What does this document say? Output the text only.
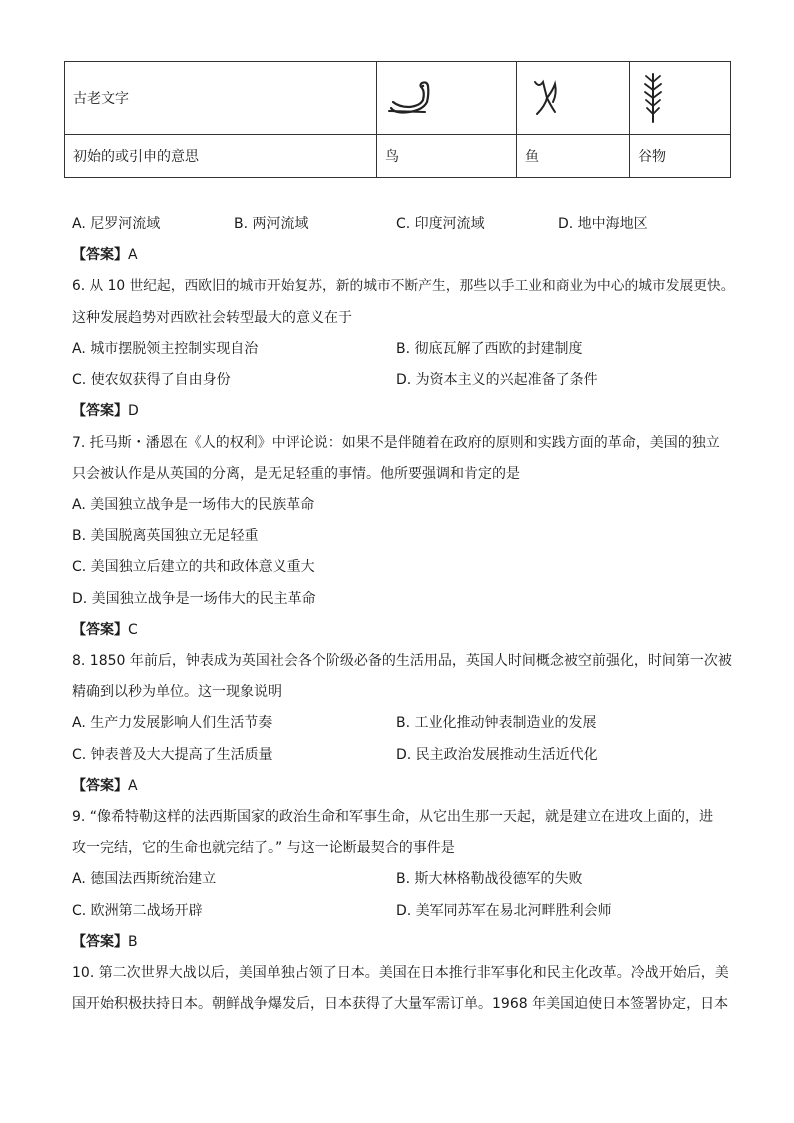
古老文字	

初始的或引申的意思	鸟	鱼	谷物
A. 尼罗河流域	B. 两河流域	C. 印度河流域	D. 地中海地区
【答案】A
6. 从 10 世纪起，西欧旧的城市开始复苏，新的城市不断产生，那些以手工业和商业为中心的城市发展更快。
这种发展趋势对西欧社会转型最大的意义在于
A. 城市摆脱领主控制实现自治	B. 彻底瓦解了西欧的封建制度
C. 使农奴获得了自由身份	D. 为资本主义的兴起准备了条件
【答案】D
7. 托马斯・潘恩在《人的权利》中评论说：如果不是伴随着在政府的原则和实践方面的革命，美国的独立
只会被认作是从英国的分离，是无足轻重的事情。他所要强调和肯定的是
A. 美国独立战争是一场伟大的民族革命
B. 美国脱离英国独立无足轻重
C. 美国独立后建立的共和政体意义重大
D. 美国独立战争是一场伟大的民主革命
【答案】C
8. 1850 年前后，钟表成为英国社会各个阶级必备的生活用品，英国人时间概念被空前强化，时间第一次被
精确到以秒为单位。这一现象说明
A. 生产力发展影响人们生活节奏	B. 工业化推动钟表制造业的发展
C. 钟表普及大大提高了生活质量	D. 民主政治发展推动生活近代化
【答案】A
9. “像希特勒这样的法西斯国家的政治生命和军事生命，从它出生那一天起，就是建立在进攻上面的，进
攻一完结，它的生命也就完结了。” 与这一论断最契合的事件是
A. 德国法西斯统治建立	B. 斯大林格勒战役德军的失败
C. 欧洲第二战场开辟	D. 美军同苏军在易北河畔胜利会师
【答案】B
10. 第二次世界大战以后，美国单独占领了日本。美国在日本推行非军事化和民主化改革。冷战开始后，美
国开始积极扶持日本。朝鲜战争爆发后，日本获得了大量军需订单。1968 年美国迫使日本签署协定，日本
